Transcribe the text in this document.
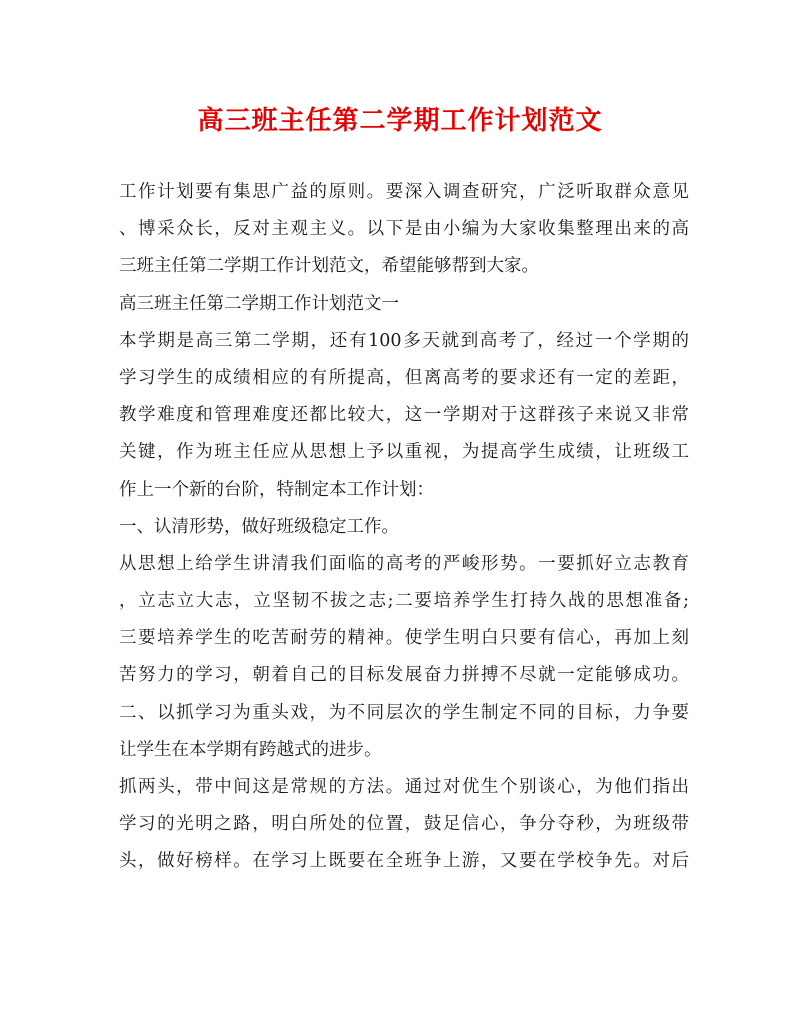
高三班主任第二学期工作计划范文
工作计划要有集思广益的原则。要深入调查研究，广泛听取群众意见
、博采众长，反对主观主义。以下是由小编为大家收集整理出来的高
三班主任第二学期工作计划范文，希望能够帮到大家。
高三班主任第二学期工作计划范文一
本学期是高三第二学期，还有100多天就到高考了，经过一个学期的
学习学生的成绩相应的有所提高，但离高考的要求还有一定的差距，
教学难度和管理难度还都比较大，这一学期对于这群孩子来说又非常
关键，作为班主任应从思想上予以重视，为提高学生成绩，让班级工
作上一个新的台阶，特制定本工作计划：
一、认清形势，做好班级稳定工作。
从思想上给学生讲清我们面临的高考的严峻形势。一要抓好立志教育
，立志立大志，立坚韧不拔之志;二要培养学生打持久战的思想准备;
三要培养学生的吃苦耐劳的精神。使学生明白只要有信心，再加上刻
苦努力的学习，朝着自己的目标发展奋力拼搏不尽就一定能够成功。
二、以抓学习为重头戏，为不同层次的学生制定不同的目标，力争要
让学生在本学期有跨越式的进步。
抓两头，带中间这是常规的方法。通过对优生个别谈心，为他们指出
学习的光明之路，明白所处的位置，鼓足信心，争分夺秒，为班级带
头，做好榜样。在学习上既要在全班争上游，又要在学校争先。对后
